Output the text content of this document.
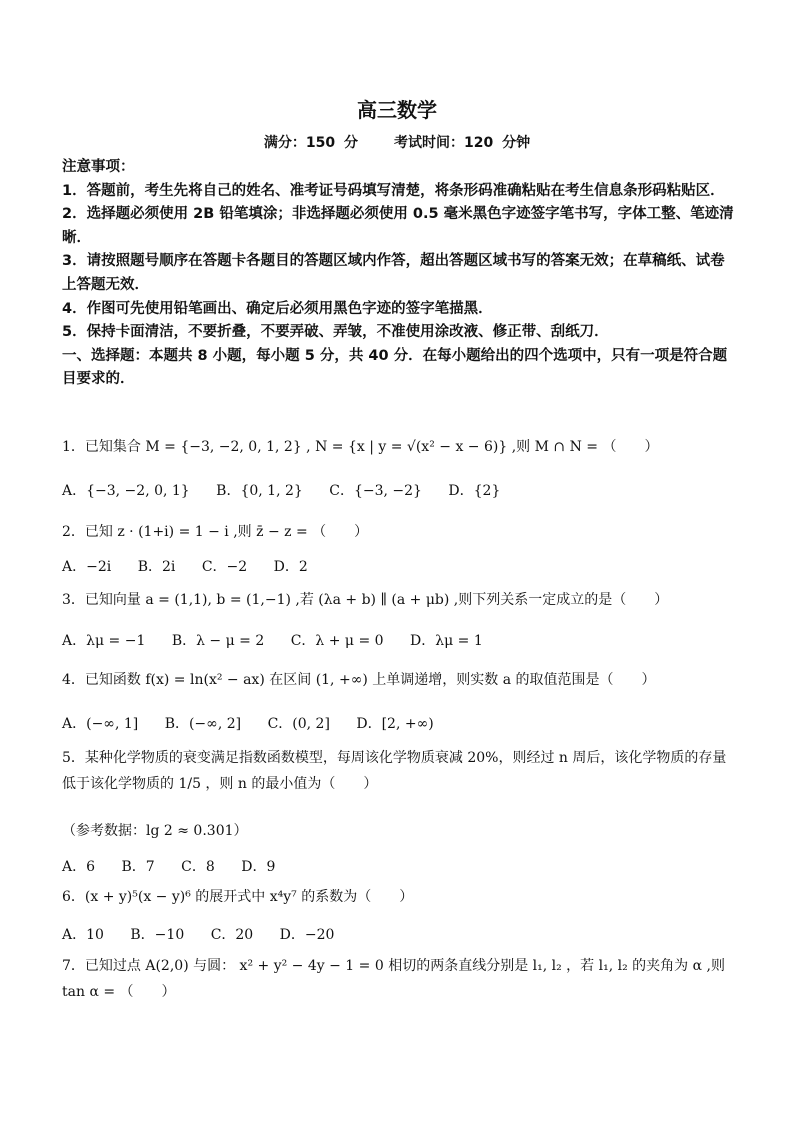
高三数学
满分：150 分	考试时间：120 分钟

注意事项：

1．答题前，考生先将自己的姓名、准考证号码填写清楚，将条形码准确粘贴在考生信息条形码粘贴区．

2．选择题必须使用 2B 铅笔填涂；非选择题必须使用 0.5 毫米黑色字迹签字笔书写，字体工整、笔迹清晰．

3．请按照题号顺序在答题卡各题目的答题区域内作答，超出答题区域书写的答案无效；在草稿纸、试卷上答题无效．

4．作图可先使用铅笔画出、确定后必须用黑色字迹的签字笔描黑．

5．保持卡面清洁，不要折叠，不要弄破、弄皱，不准使用涂改液、修正带、刮纸刀．

一、选择题：本题共 8 小题，每小题 5 分，共 40 分．在每小题给出的四个选项中，只有一项是符合题目要求的．

1．已知集合 M = {−3, −2, 0, 1, 2} , N = {x | y = √(x² − x − 6)} ,则 M ∩ N = （　　）
A．{−3, −2, 0, 1} B．{0, 1, 2} C．{−3, −2} D．{2}
2．已知 z · (1+i) = 1 − i ,则 z̄ − z = （　　）
A．−2i B．2i C．−2 D．2
3．已知向量 a = (1,1), b = (1,−1) ,若 (λa + b) ∥ (a + μb) ,则下列关系一定成立的是（　　）
A．λμ = −1 B．λ − μ = 2 C．λ + μ = 0 D．λμ = 1
4．已知函数 f(x) = ln(x² − ax) 在区间 (1, +∞) 上单调递增，则实数 a 的取值范围是（　　）
A．(−∞, 1] B．(−∞, 2] C．(0, 2] D．[2, +∞)
5．某种化学物质的衰变满足指数函数模型，每周该化学物质衰减 20%，则经过 n 周后，该化学物质的存量低于该化学物质的 1/5 ，则 n 的最小值为（　　）
（参考数据：lg 2 ≈ 0.301）
A．6 B．7 C．8 D．9
6．(x + y)⁵(x − y)⁶ 的展开式中 x⁴y⁷ 的系数为（　　）
A．10 B．−10 C．20 D．−20
7．已知过点 A(2,0) 与圆： x² + y² − 4y − 1 = 0 相切的两条直线分别是 l₁, l₂ ，若 l₁, l₂ 的夹角为 α ,则 tan α = （　　）
